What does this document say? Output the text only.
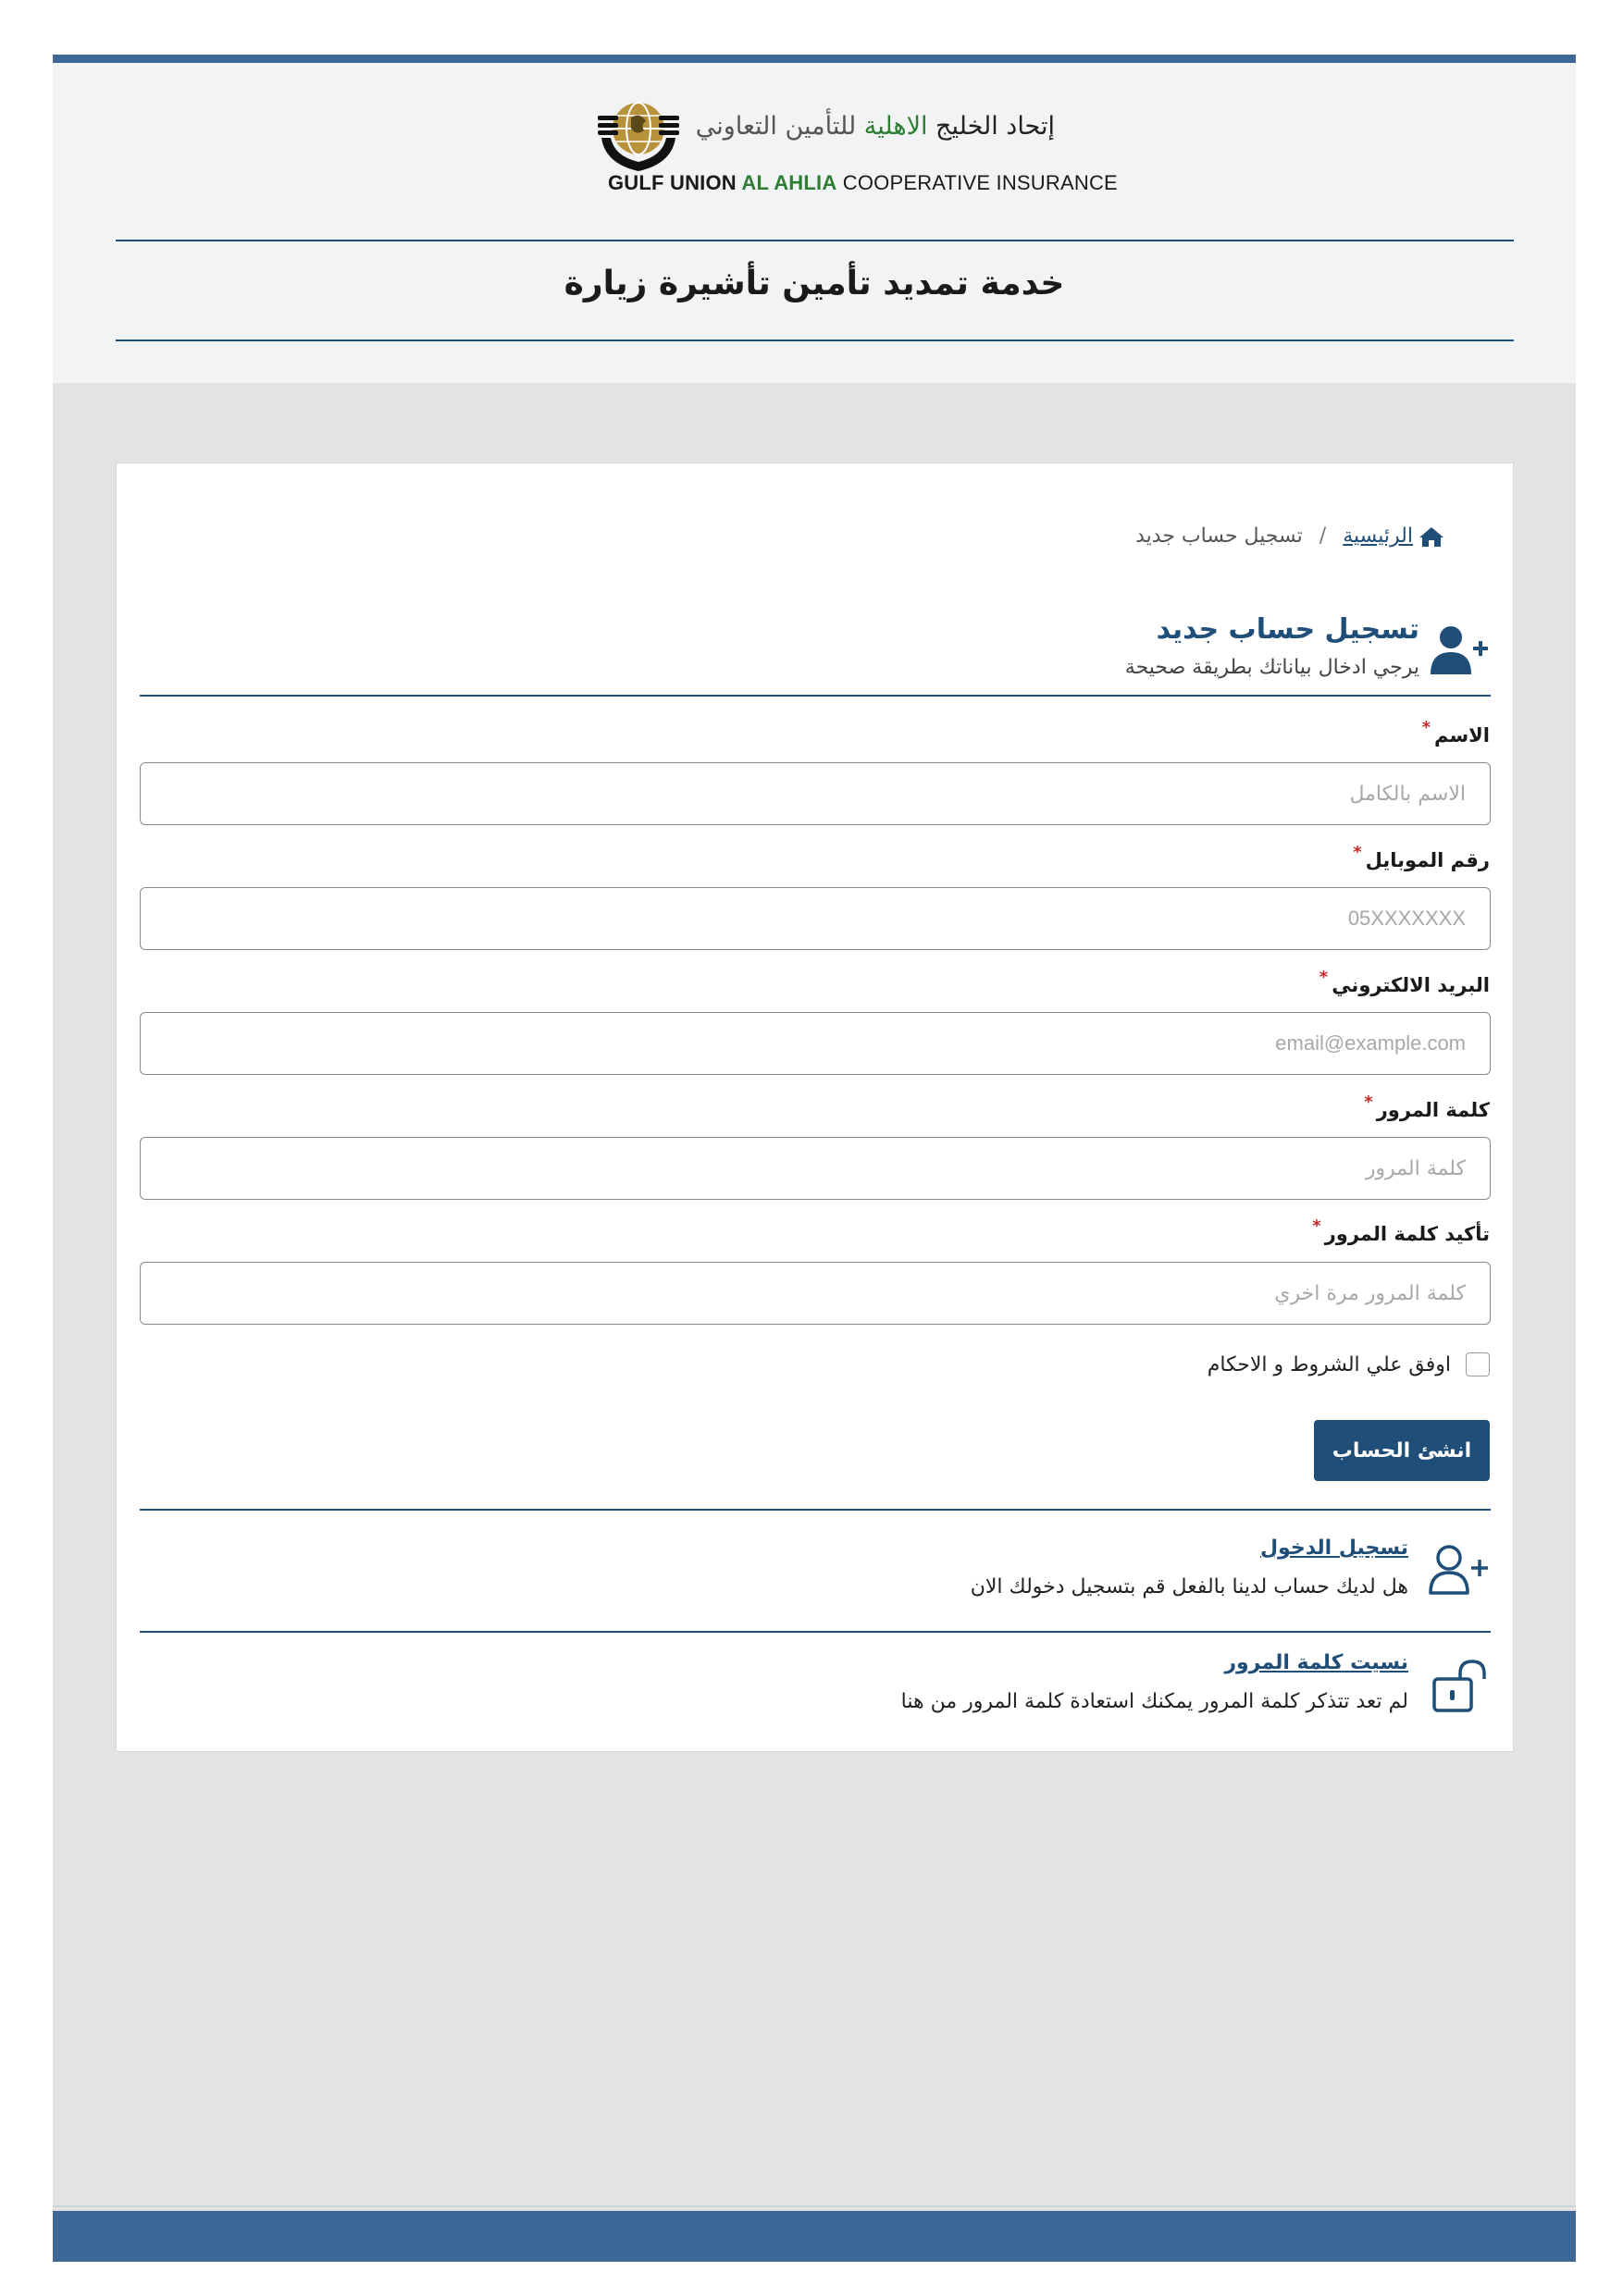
إتحاد الخليج الاهلية للتأمين التعاوني
GULF UNION AL AHLIA COOPERATIVE INSURANCE
خدمة تمديد تأمين تأشيرة زيارة
الرئيسية
/
تسجيل حساب جديد
تسجيل حساب جديد
يرجي ادخال بياناتك بطريقة صحيحة
الاسم*
الاسم بالكامل
رقم الموبايل*
05XXXXXXX
البريد الالكتروني*
email@example.com
كلمة المرور*
كلمة المرور
تأكيد كلمة المرور*
كلمة المرور مرة اخري
اوفق علي الشروط و الاحكام
انشئ الحساب
تسجيل الدخول
هل لديك حساب لدينا بالفعل قم بتسجيل دخولك الان
نسيت كلمة المرور
لم تعد تتذكر كلمة المرور يمكنك استعادة كلمة المرور من هنا
